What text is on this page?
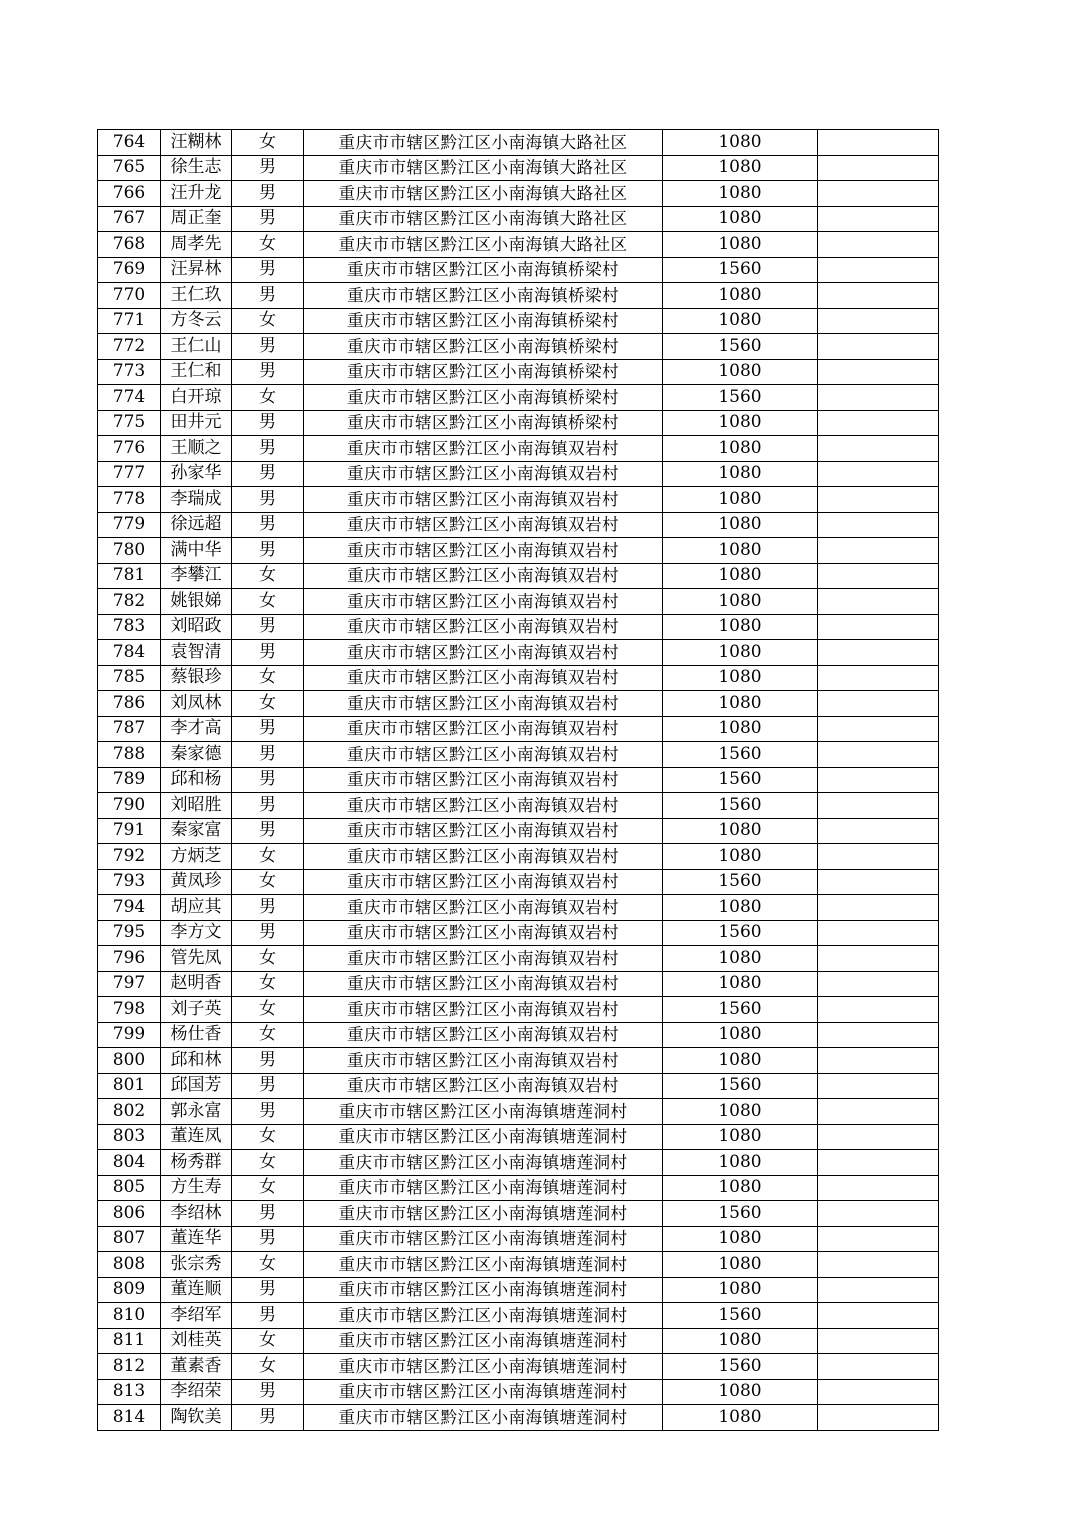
764	汪糊林	女	重庆市市辖区黔江区小南海镇大路社区	1080	
765	徐生志	男	重庆市市辖区黔江区小南海镇大路社区	1080	
766	汪升龙	男	重庆市市辖区黔江区小南海镇大路社区	1080	
767	周正奎	男	重庆市市辖区黔江区小南海镇大路社区	1080	
768	周孝先	女	重庆市市辖区黔江区小南海镇大路社区	1080	
769	汪昇林	男	重庆市市辖区黔江区小南海镇桥梁村	1560	
770	王仁玖	男	重庆市市辖区黔江区小南海镇桥梁村	1080	
771	方冬云	女	重庆市市辖区黔江区小南海镇桥梁村	1080	
772	王仁山	男	重庆市市辖区黔江区小南海镇桥梁村	1560	
773	王仁和	男	重庆市市辖区黔江区小南海镇桥梁村	1080	
774	白开琼	女	重庆市市辖区黔江区小南海镇桥梁村	1560	
775	田井元	男	重庆市市辖区黔江区小南海镇桥梁村	1080	
776	王顺之	男	重庆市市辖区黔江区小南海镇双岩村	1080	
777	孙家华	男	重庆市市辖区黔江区小南海镇双岩村	1080	
778	李瑞成	男	重庆市市辖区黔江区小南海镇双岩村	1080	
779	徐远超	男	重庆市市辖区黔江区小南海镇双岩村	1080	
780	满中华	男	重庆市市辖区黔江区小南海镇双岩村	1080	
781	李攀江	女	重庆市市辖区黔江区小南海镇双岩村	1080	
782	姚银娣	女	重庆市市辖区黔江区小南海镇双岩村	1080	
783	刘昭政	男	重庆市市辖区黔江区小南海镇双岩村	1080	
784	袁智清	男	重庆市市辖区黔江区小南海镇双岩村	1080	
785	蔡银珍	女	重庆市市辖区黔江区小南海镇双岩村	1080	
786	刘凤林	女	重庆市市辖区黔江区小南海镇双岩村	1080	
787	李才高	男	重庆市市辖区黔江区小南海镇双岩村	1080	
788	秦家德	男	重庆市市辖区黔江区小南海镇双岩村	1560	
789	邱和杨	男	重庆市市辖区黔江区小南海镇双岩村	1560	
790	刘昭胜	男	重庆市市辖区黔江区小南海镇双岩村	1560	
791	秦家富	男	重庆市市辖区黔江区小南海镇双岩村	1080	
792	方炳芝	女	重庆市市辖区黔江区小南海镇双岩村	1080	
793	黄凤珍	女	重庆市市辖区黔江区小南海镇双岩村	1560	
794	胡应其	男	重庆市市辖区黔江区小南海镇双岩村	1080	
795	李方文	男	重庆市市辖区黔江区小南海镇双岩村	1560	
796	管先凤	女	重庆市市辖区黔江区小南海镇双岩村	1080	
797	赵明香	女	重庆市市辖区黔江区小南海镇双岩村	1080	
798	刘子英	女	重庆市市辖区黔江区小南海镇双岩村	1560	
799	杨仕香	女	重庆市市辖区黔江区小南海镇双岩村	1080	
800	邱和林	男	重庆市市辖区黔江区小南海镇双岩村	1080	
801	邱国芳	男	重庆市市辖区黔江区小南海镇双岩村	1560	
802	郭永富	男	重庆市市辖区黔江区小南海镇塘莲洞村	1080	
803	董连凤	女	重庆市市辖区黔江区小南海镇塘莲洞村	1080	
804	杨秀群	女	重庆市市辖区黔江区小南海镇塘莲洞村	1080	
805	方生寿	女	重庆市市辖区黔江区小南海镇塘莲洞村	1080	
806	李绍林	男	重庆市市辖区黔江区小南海镇塘莲洞村	1560	
807	董连华	男	重庆市市辖区黔江区小南海镇塘莲洞村	1080	
808	张宗秀	女	重庆市市辖区黔江区小南海镇塘莲洞村	1080	
809	董连顺	男	重庆市市辖区黔江区小南海镇塘莲洞村	1080	
810	李绍军	男	重庆市市辖区黔江区小南海镇塘莲洞村	1560	
811	刘桂英	女	重庆市市辖区黔江区小南海镇塘莲洞村	1080	
812	董素香	女	重庆市市辖区黔江区小南海镇塘莲洞村	1560	
813	李绍荣	男	重庆市市辖区黔江区小南海镇塘莲洞村	1080	
814	陶钦美	男	重庆市市辖区黔江区小南海镇塘莲洞村	1080	
